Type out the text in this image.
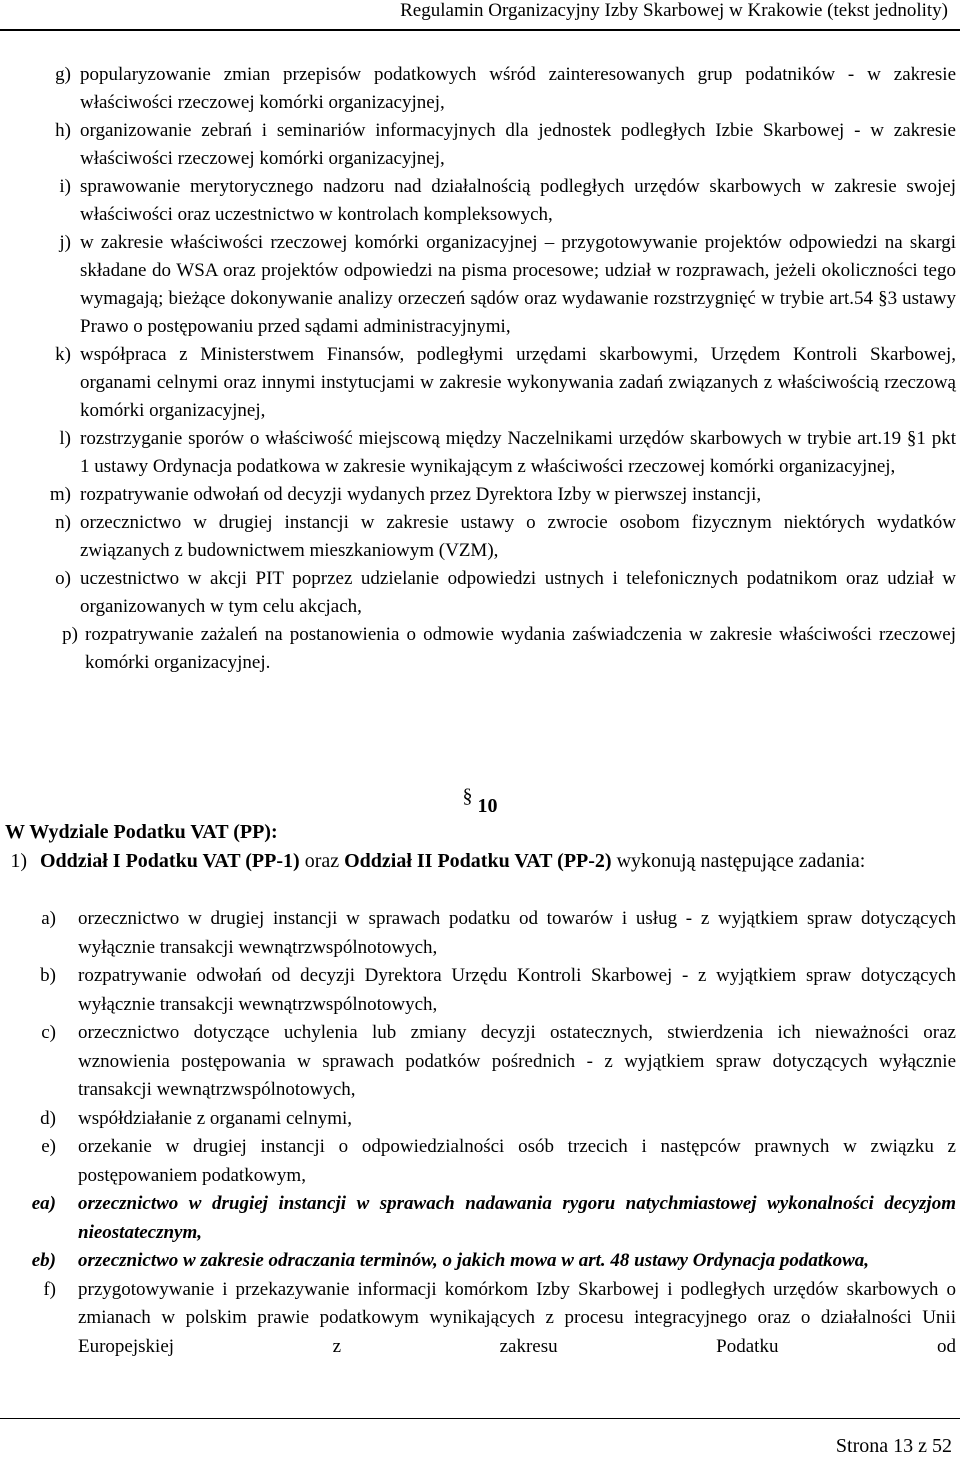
Regulamin Organizacyjny Izby Skarbowej w Krakowie (tekst jednolity)
g) popularyzowanie zmian przepisów podatkowych wśród zainteresowanych grup podatników - w zakresie właściwości rzeczowej komórki organizacyjnej,
h) organizowanie zebrań i seminariów informacyjnych dla jednostek podległych Izbie Skarbowej - w zakresie właściwości rzeczowej komórki organizacyjnej,
i) sprawowanie merytorycznego nadzoru nad działalnością podległych urzędów skarbowych w zakresie swojej właściwości oraz uczestnictwo w kontrolach kompleksowych,
j) w zakresie właściwości rzeczowej komórki organizacyjnej – przygotowywanie projektów odpowiedzi na skargi składane do WSA oraz projektów odpowiedzi na pisma procesowe; udział w rozprawach, jeżeli okoliczności tego wymagają; bieżące dokonywanie analizy orzeczeń sądów oraz wydawanie rozstrzygnięć w trybie art.54 §3 ustawy Prawo o postępowaniu przed sądami administracyjnymi,
k) współpraca z Ministerstwem Finansów, podległymi urzędami skarbowymi, Urzędem Kontroli Skarbowej, organami celnymi oraz innymi instytucjami w zakresie wykonywania zadań związanych z właściwością rzeczową komórki organizacyjnej,
l) rozstrzyganie sporów o właściwość miejscową między Naczelnikami urzędów skarbowych w trybie art.19 §1 pkt 1 ustawy Ordynacja podatkowa w zakresie wynikającym z właściwości rzeczowej komórki organizacyjnej,
m) rozpatrywanie odwołań od decyzji wydanych przez Dyrektora Izby w pierwszej instancji,
n) orzecznictwo w drugiej instancji w zakresie ustawy o zwrocie osobom fizycznym niektórych wydatków związanych z budownictwem mieszkaniowym (VZM),
o) uczestnictwo w akcji PIT poprzez udzielanie odpowiedzi ustnych i telefonicznych podatnikom oraz udział w organizowanych w tym celu akcjach,
p) rozpatrywanie zażaleń na postanowienia o odmowie wydania zaświadczenia w zakresie właściwości rzeczowej komórki organizacyjnej.
§ 10
W Wydziale Podatku VAT (PP):
1) Oddział I Podatku VAT (PP-1) oraz Oddział II Podatku VAT (PP-2) wykonują następujące zadania:
a) orzecznictwo w drugiej instancji w sprawach podatku od towarów i usług - z wyjątkiem spraw dotyczących wyłącznie transakcji wewnątrzwspólnotowych,
b) rozpatrywanie odwołań od decyzji Dyrektora Urzędu Kontroli Skarbowej - z wyjątkiem spraw dotyczących wyłącznie transakcji wewnątrzwspólnotowych,
c) orzecznictwo dotyczące uchylenia lub zmiany decyzji ostatecznych, stwierdzenia ich nieważności oraz wznowienia postępowania w sprawach podatków pośrednich - z wyjątkiem spraw dotyczących wyłącznie transakcji wewnątrzwspólnotowych,
d) współdziałanie z organami celnymi,
e) orzekanie w drugiej instancji o odpowiedzialności osób trzecich i następców prawnych w związku z postępowaniem podatkowym,
ea) orzecznictwo w drugiej instancji w sprawach nadawania rygoru natychmiastowej wykonalności decyzjom nieostatecznym,
eb) orzecznictwo w zakresie odraczania terminów, o jakich mowa w art. 48 ustawy Ordynacja podatkowa,
f) przygotowywanie i przekazywanie informacji komórkom Izby Skarbowej i podległych urzędów skarbowych o zmianach w polskim prawie podatkowym wynikających z procesu integracyjnego oraz o działalności Unii Europejskiej z zakresu Podatku od
Strona 13 z 52
